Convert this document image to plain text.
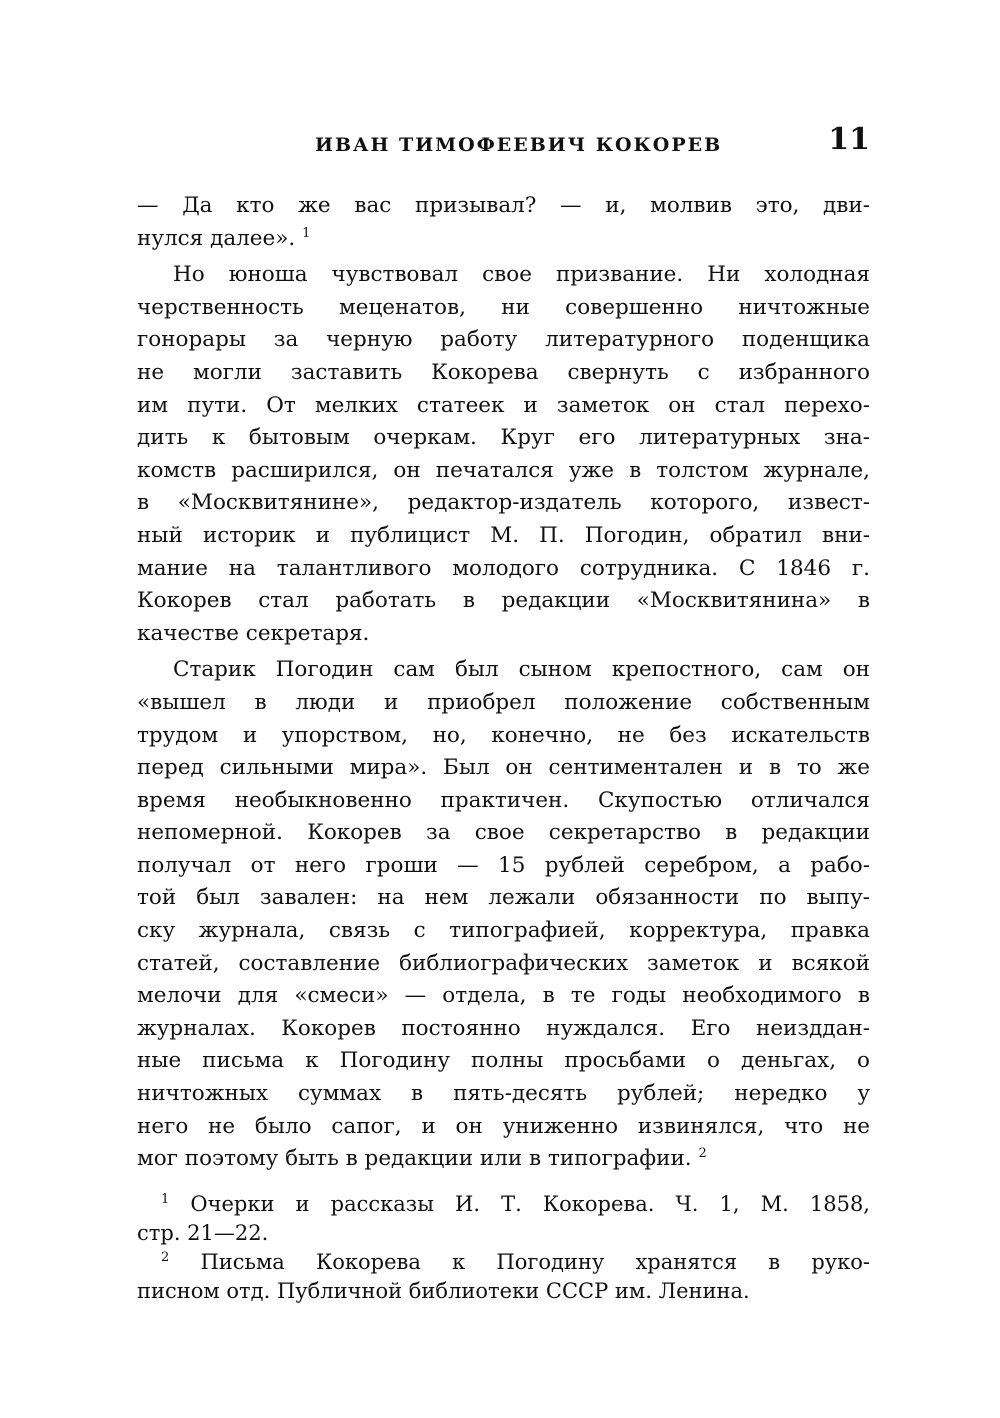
ИВАН ТИМОФЕЕВИЧ КОКОРЕВ	11
— Да кто же вас призывал? — и, молвив это, дви-
нулся далее». $^1$
Но юноша чувствовал свое призвание. Ни холодная
черственность меценатов, ни совершенно ничтожные
гонорары за черную работу литературного поденщика
не могли заставить Кокорева свернуть с избранного
им пути. От мелких статеек и заметок он стал перехо-
дить к бытовым очеркам. Круг его литературных зна-
комств расширился, он печатался уже в толстом журнале,
в «Москвитянине», редактор-издатель которого, извест-
ный историк и публицист М. П. Погодин, обратил вни-
мание на талантливого молодого сотрудника. С 1846 г.
Кокорев стал работать в редакции «Москвитянина» в
качестве секретаря.
Старик Погодин сам был сыном крепостного, сам он
«вышел в люди и приобрел положение собственным
трудом и упорством, но, конечно, не без искательств
перед сильными мира». Был он сентиментален и в то же
время необыкновенно практичен. Скупостью отличался
непомерной. Кокорев за свое секретарство в редакции
получал от него гроши — 15 рублей серебром, а рабо-
той был завален: на нем лежали обязанности по выпу-
ску журнала, связь с типографией, корректура, правка
статей, составление библиографических заметок и всякой
мелочи для «смеси» — отдела, в те годы необходимого в
журналах. Кокорев постоянно нуждался. Его неизддан-
ные письма к Погодину полны просьбами о деньгах, о
ничтожных суммах в пять-десять рублей; нередко у
него не было сапог, и он униженно извинялся, что не
мог поэтому быть в редакции или в типографии. $^2$
$^1$ Очерки и рассказы И. Т. Кокорева. Ч. 1, М. 1858,
стр. 21—22.
$^2$ Письма Кокорева к Погодину хранятся в руко-
писном отд. Публичной библиотеки СССР им. Ленина.
